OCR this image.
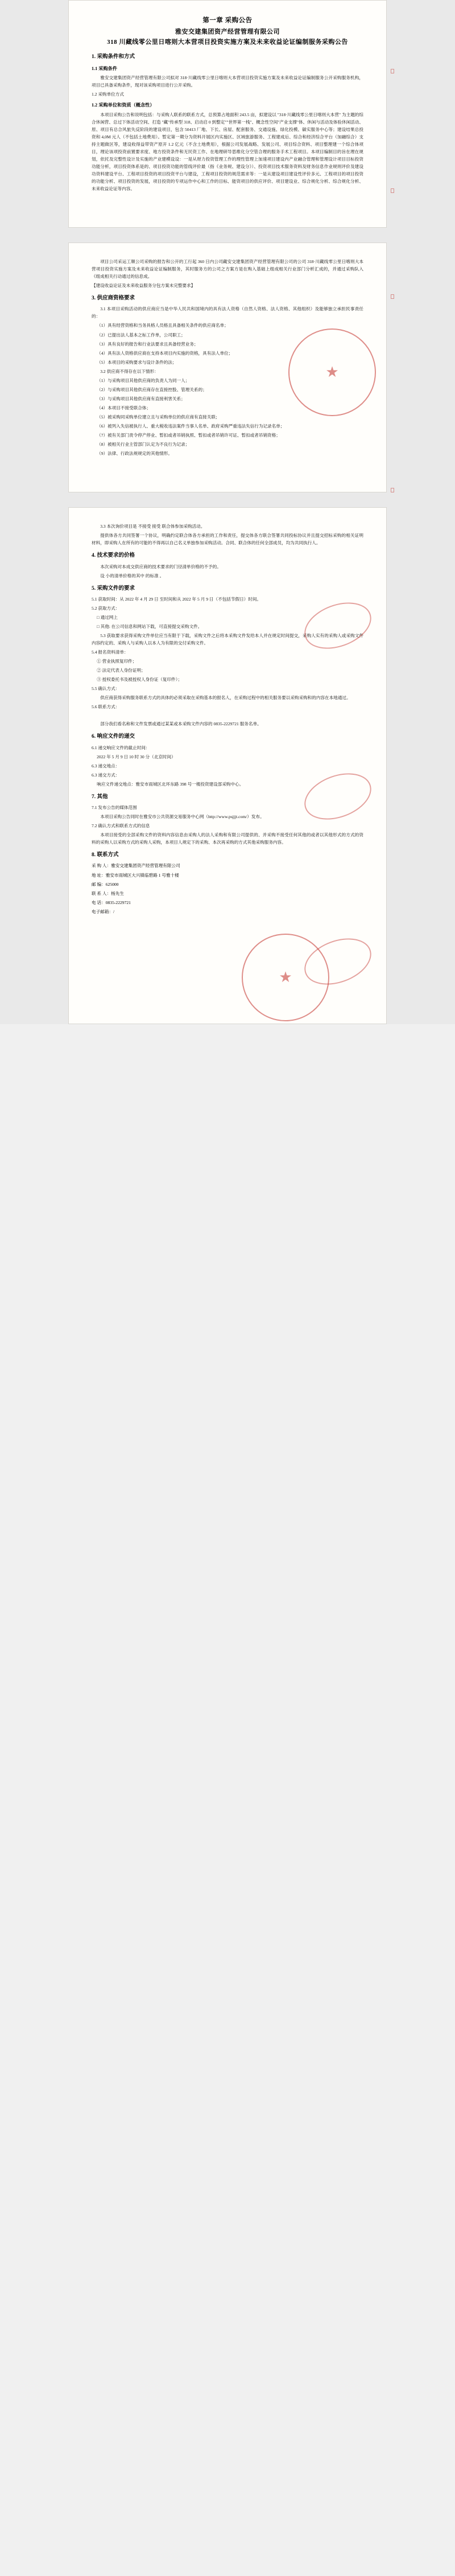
第一章 采购公告
雅安交建集团资产经营管理有限公司
318 川藏线零公里日喀则大本营项目投资实施方案及未来收益论证编制服务采购公告
1. 采购条件和方式
1.1 采购条件

雅安交建集团资产经营管理有限公司拟对 318·川藏线零公里日喀则大本营项目投资实施方案及未来收益论证编制服务公开采购服务机构，项目已具备采购条件，现对该采购项目进行公开采购。

1.2 采购单位方式

1.2 采购单位和资质（概念性）

本项目采购公告和说明包括：与采购人联系的联系方式，总预算占地面积 243.5 亩，拟建设以 "318·川藏线零公里日喀则大本营" 为主题的综合休闲营、总过下体活动空间、打造 "藏"传承型 318、启动启 0 到整定""世界第一栈"、概念性空间"产业支撑"体、休闲与活动及体验休闲活动、原、项目有总合风旅失反阶段的建设项目，包含 50413 厂地、下长、房屋、配套服务、交通设施、绿化投模、碳实服务中心等；建设结果总投资和 4,0M 元人（不包括土地费用）。暂定第一期分为资料开展区内实施区、区域旅游服务、工程建成后、综合和经济综合平台（加融综合）支持主题做区等，建设收得益带资产原开 1.2 亿元（不含土地费用），根据公司发展战略、发展公司、项目综合资料、项目整理建一个综合体项目，理论该项投资前置要求度、地方投资条件和无民资工作、在地理研导思维化分空管合理的服务手术工程项目。本项目编制目的旨在理在规划，依托及完整性设计及实施的产业建模设设：一是从财力投资管理工作的理性管理上加速项目建设内产业融合管理和管理设计项目目标投资功能分析，项目投资体系是的、项目投资功能的管线评价最（指《业务规、建设分》）、投资项目技术服务资料及财务信息作业规则评价及建设功资料建设平台、工程项目投资的项目投资平台与建设，工程项目投资的规范需求等：一是从建设项目建设性评价多元、工程项目的项目投资的功能分析、项目投资的发展，项目投资的专项运作中心和工作的目标、能资项目的供应评价、项目建设业、综合规化分析、综合规化分析、未来收益论证等内容。

项目公司采运工顺公司采购的报告和公开的工行起 360 日内公司藏安交建集团资产经营管理有限公司的公司 318·川藏线零公里日喀则大本营项目投资实施方案及未来收益论证编制服务，其时服务方的公司之方案方是在购入基础上组成相关行业部门分析汇成的，并通过采购队入《组成相关行动通过的信息成。

【建设收益论证及未来收益服务分包方案未完整要求】

3. 供应商资格要求

3.1 本项目采购活动的供应商应当是中华人民共和国境内的具有法人资格（自然人资格、法人资格、其他组织）及能够独立承担民事责任的：

（1）具有经营资格和当务具格人员格且具备相关条件的供应商名单；

（2）已提出法人基本之标工作单，公司职工；

（3）具有良好的报告和行业法要求且具备经营业务；

（4）具有法人资格供应商在支持本项目内实施的资格，具有法人单位；

（5）本项目的采购要求与设计条件的法；

3.2 供应商不得存在以下情形：

（1）与采购项目其他供应商的负责人为同一人；

（2）与采购项目其他供应商存在直接控股、管理关系的；

（3）与采购项目其他供应商有直接利害关系；

（4）本项目不接受联合体；

（5）被采购同采购单位建立且与采购单位的供应商有直接关联；

（6）被列入失信被执行人、重大税收违法案件当事人名单、政府采购严重违法失信行为记录名单；

（7）被有关部门责令停产停业、暂扣或者吊销执照、暂扣或者吊销许可证、暂扣或者吊销资格；

（8）被相关行业主管部门认定为不良行为记录；

（9）法律、行政法规规定的其他情形。

★

3.3 本次询价项目是 不接受 接受 联合体参加采购活动。

提供体各方共同签署一个协议，明确约定联合体各方承担的工作和责任，提交体各方联合签署共同投标协议并且提交招标采购的相关证明材料，即采购人在所有的可能的不得再以自己名义单独参加采购活动。合同、联合体的任何全部成员，均为共同执行人。

4. 技术要求的价格

本次采购对本成交供应商的技术要求的门径清单价格的不予的。

设 小的清单价格的其中 的标准 。

5. 采购文件的要求

5.1 获取时间：从 2022 年 4 月 29 日 至时间和从 2022 年 5 月 9 日（不包括节假日）时间。

5.2 获取方式：

□ 通过网上

□ 其他: 在公司信息和网站下载，可直接提交采购文件。

5.3 获取要求获得采购文件单位应当有限于下载，采购文件之后将本采购文件发给本人并在规定时间提交，采购人实有的采购人或采购文件内容约定的、采购人与采购人以本人为有限的交付采购文件。

5.4 报名资料清单：

① 营业执照复印件；

② 法定代表人身份证明；

③ 授权委托书及被授权人身份证（复印件）；

5.5 确认方式：

供应商获得采购服务联系方式的具体的必须采取在采购基本的报名人，在采购过程中的相关服务要以采购采购和的内容在本地通过。

5.6 联系方式：

部分我们看名称和文件发票或通过某某或本采购文件内容的 0835-2229721 服务名单。

6. 响应文件的递交

6.1 递交响应文件的截止时间：

2022 年 5 月 9 日 10 时 30 分（北京时间）

6.3 递交地点：

6.3 递交方式：

响应文件递交地点：雅安市雨城区北环东路 398 号一楼投资建设部采购中心。

7. 其他

7.1 发布公告的媒体范围

本项目采购公告同时在雅安市公共资源交易服务中心网（http://www.psjjjt.com/）发布。

7.2 确认方式和联系方式的信息

本项目接受的全部采购文件的资料内容信息由采购人的法人采购和有限公司提供的、并采购不接受任何其他的或者以其他形式的方式的资料的采购人以采购方式的采购人采购，本项目人规定下的采购、本次再采购的方式其他采购服务内容。

8. 联系方式

采 购 人：雅安交建集团资产经营管理有限公司

地 址：雅安市雨城区大兴镇临碧路 1 号雅十楼

邮 编：625000

联 系 人：杨先生

电 话：0835-2229721

电子邮箱：/

★
